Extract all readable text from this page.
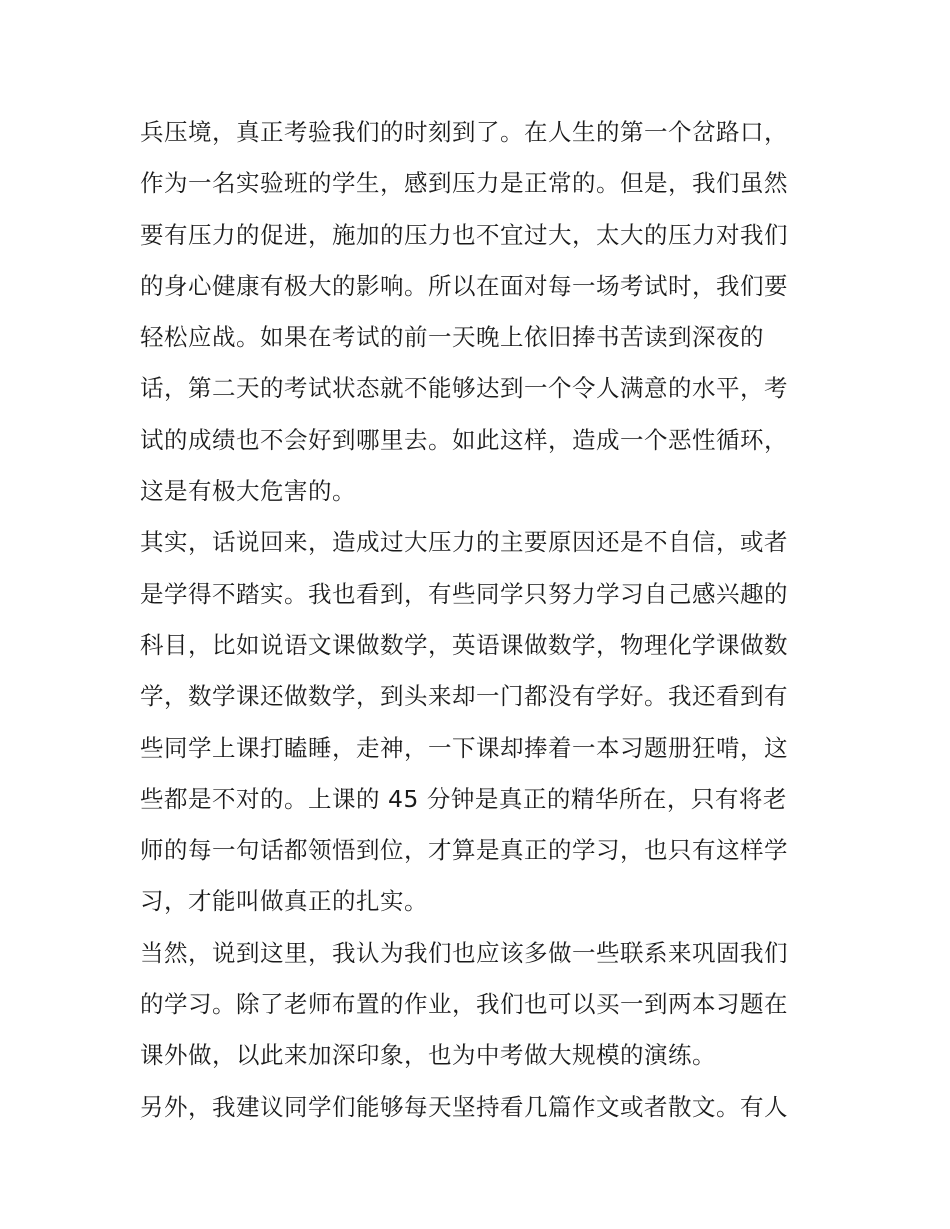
兵压境，真正考验我们的时刻到了。在人生的第一个岔路口，
作为一名实验班的学生，感到压力是正常的。但是，我们虽然
要有压力的促进，施加的压力也不宜过大，太大的压力对我们
的身心健康有极大的影响。所以在面对每一场考试时，我们要
轻松应战。如果在考试的前一天晚上依旧捧书苦读到深夜的
话，第二天的考试状态就不能够达到一个令人满意的水平，考
试的成绩也不会好到哪里去。如此这样，造成一个恶性循环，
这是有极大危害的。
其实，话说回来，造成过大压力的主要原因还是不自信，或者
是学得不踏实。我也看到，有些同学只努力学习自己感兴趣的
科目，比如说语文课做数学，英语课做数学，物理化学课做数
学，数学课还做数学，到头来却一门都没有学好。我还看到有
些同学上课打瞌睡，走神，一下课却捧着一本习题册狂啃，这
些都是不对的。上课的 45 分钟是真正的精华所在，只有将老
师的每一句话都领悟到位，才算是真正的学习，也只有这样学
习，才能叫做真正的扎实。
当然，说到这里，我认为我们也应该多做一些联系来巩固我们
的学习。除了老师布置的作业，我们也可以买一到两本习题在
课外做，以此来加深印象，也为中考做大规模的演练。
另外，我建议同学们能够每天坚持看几篇作文或者散文。有人
